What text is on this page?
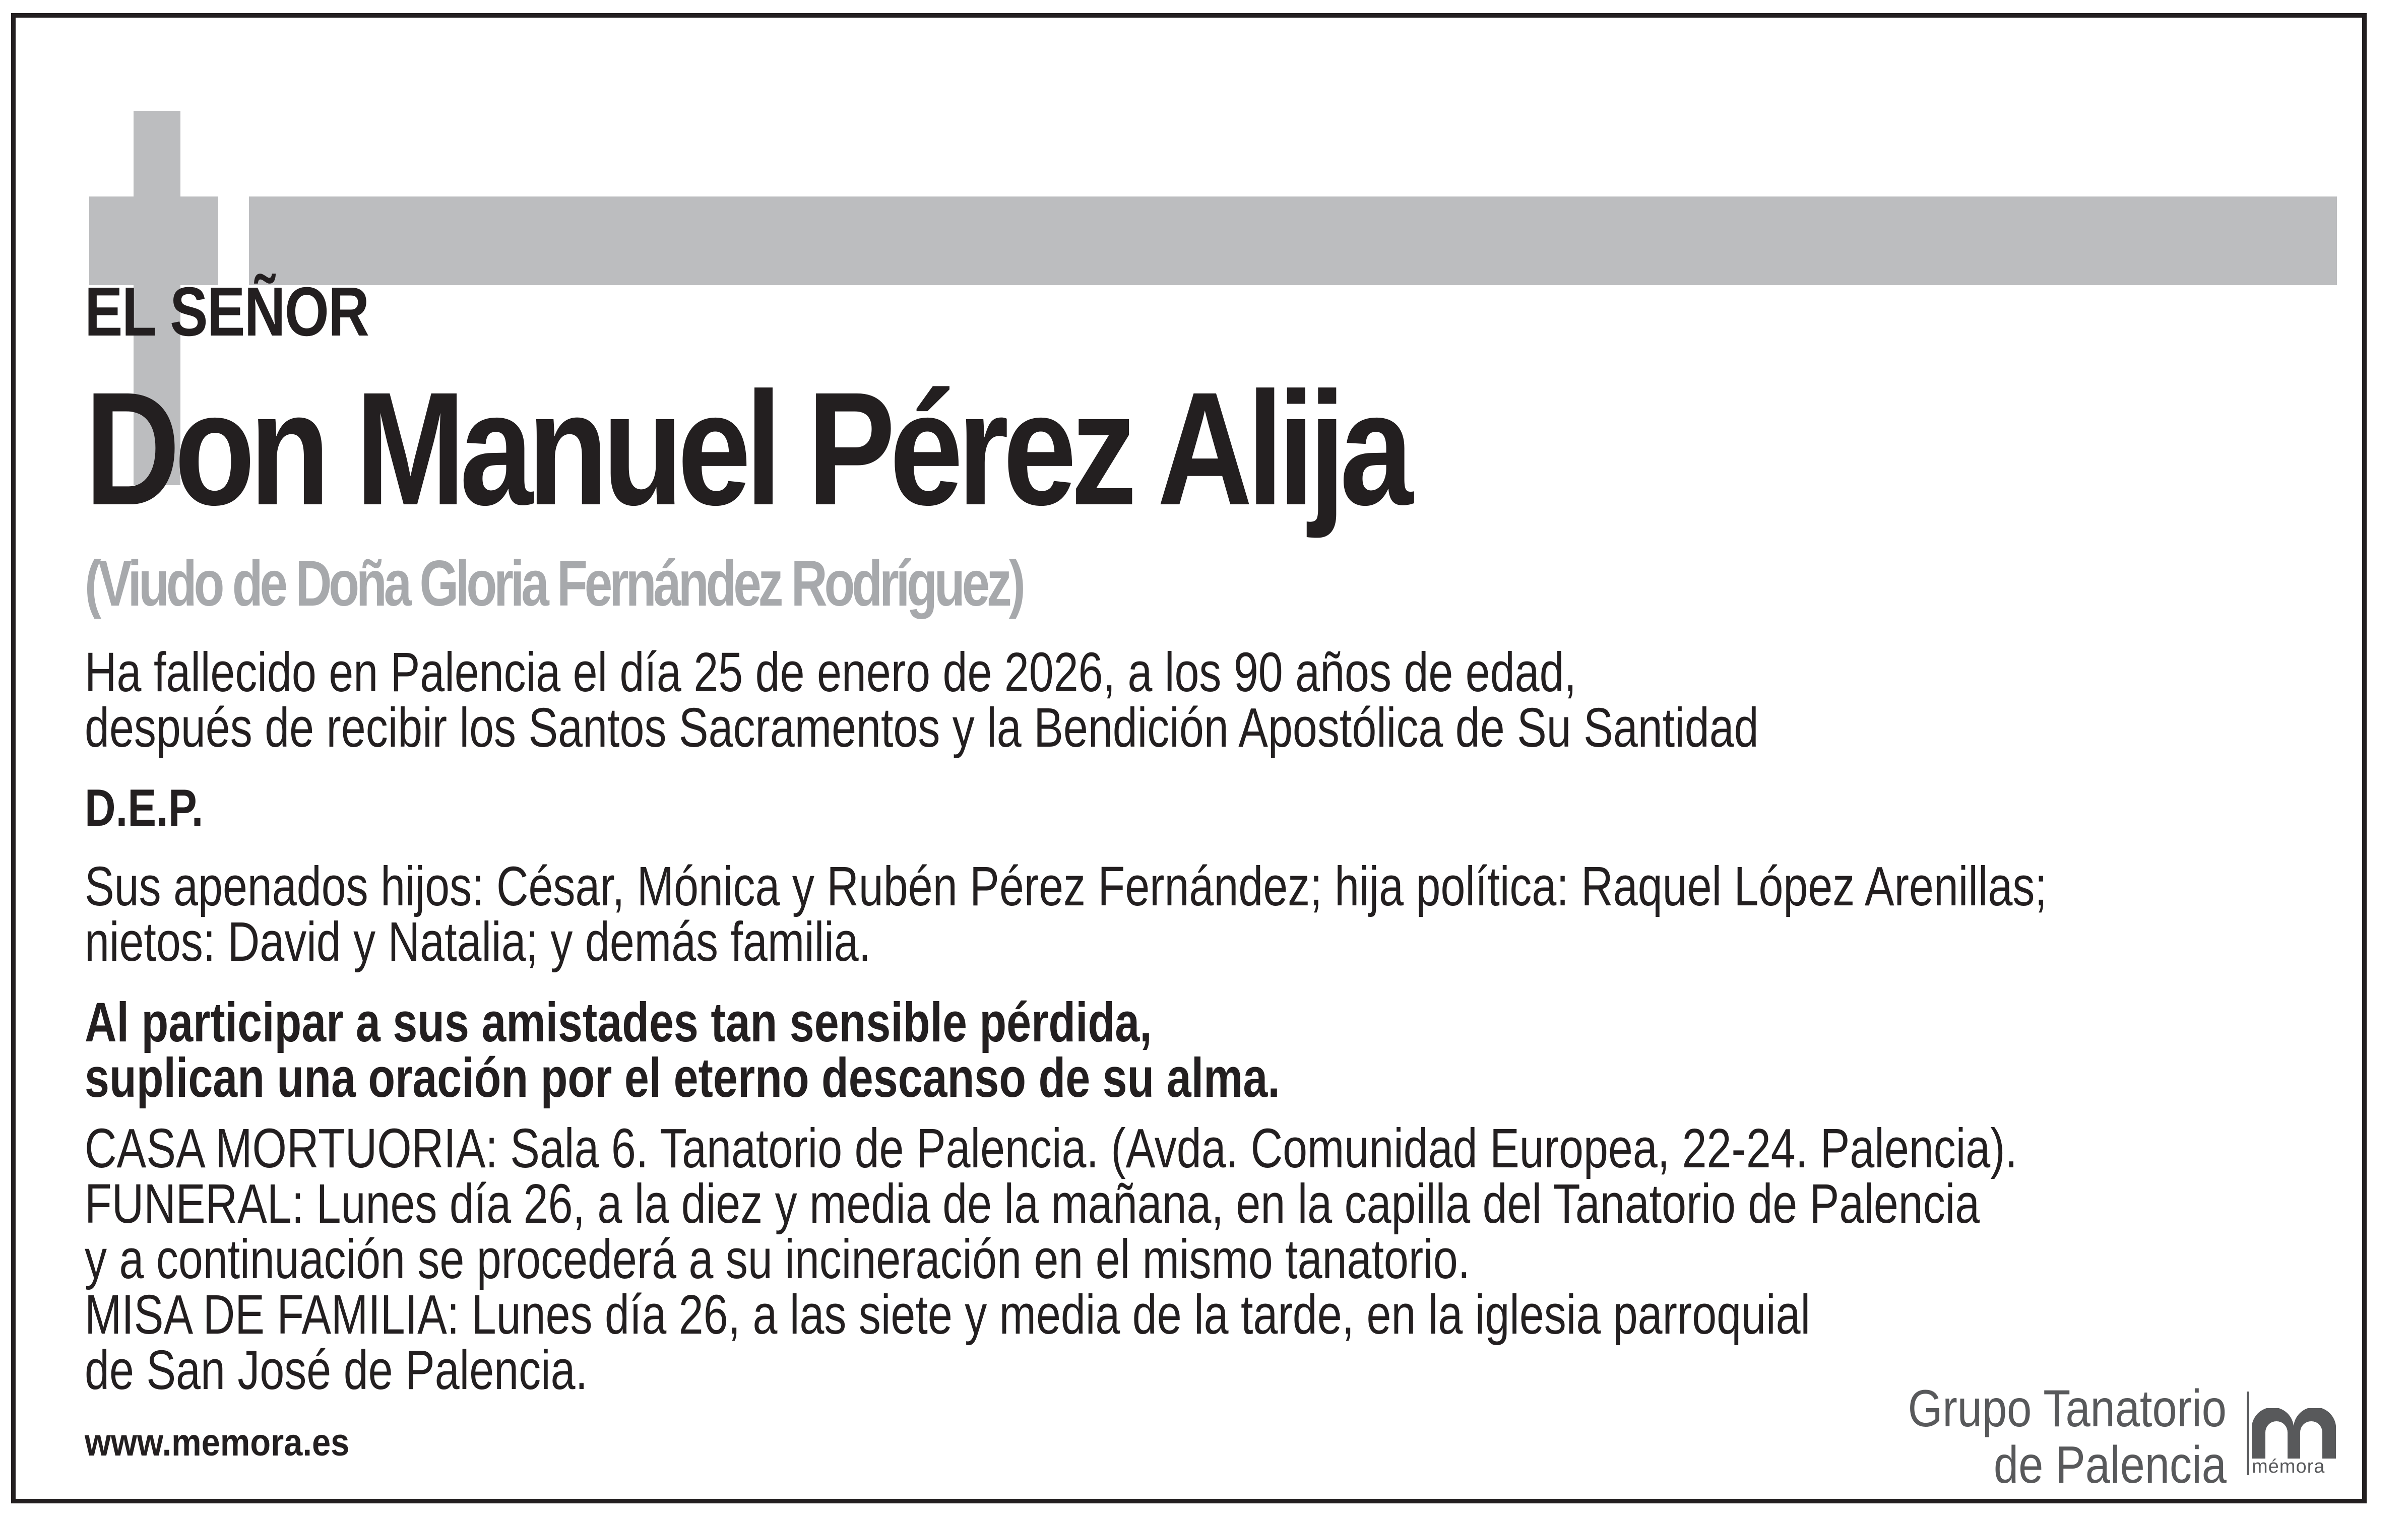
EL SEÑOR
Don Manuel Pérez Alija
(Viudo de Doña Gloria Fernández Rodríguez)
Ha fallecido en Palencia el día 25 de enero de 2026, a los 90 años de edad,
después de recibir los Santos Sacramentos y la Bendición Apostólica de Su Santidad
D.E.P.
Sus apenados hijos: César, Mónica y Rubén Pérez Fernández; hija política: Raquel López Arenillas;
nietos: David y Natalia; y demás familia.
Al participar a sus amistades tan sensible pérdida,
suplican una oración por el eterno descanso de su alma.
CASA MORTUORIA: Sala 6. Tanatorio de Palencia. (Avda. Comunidad Europea, 22-24. Palencia).
FUNERAL: Lunes día 26, a la diez y media de la mañana, en la capilla del Tanatorio de Palencia
y a continuación se procederá a su incineración en el mismo tanatorio.
MISA DE FAMILIA: Lunes día 26, a las siete y media de la tarde, en la iglesia parroquial
de San José de Palencia.
www.memora.es
Grupo Tanatorio
de Palencia mémora
